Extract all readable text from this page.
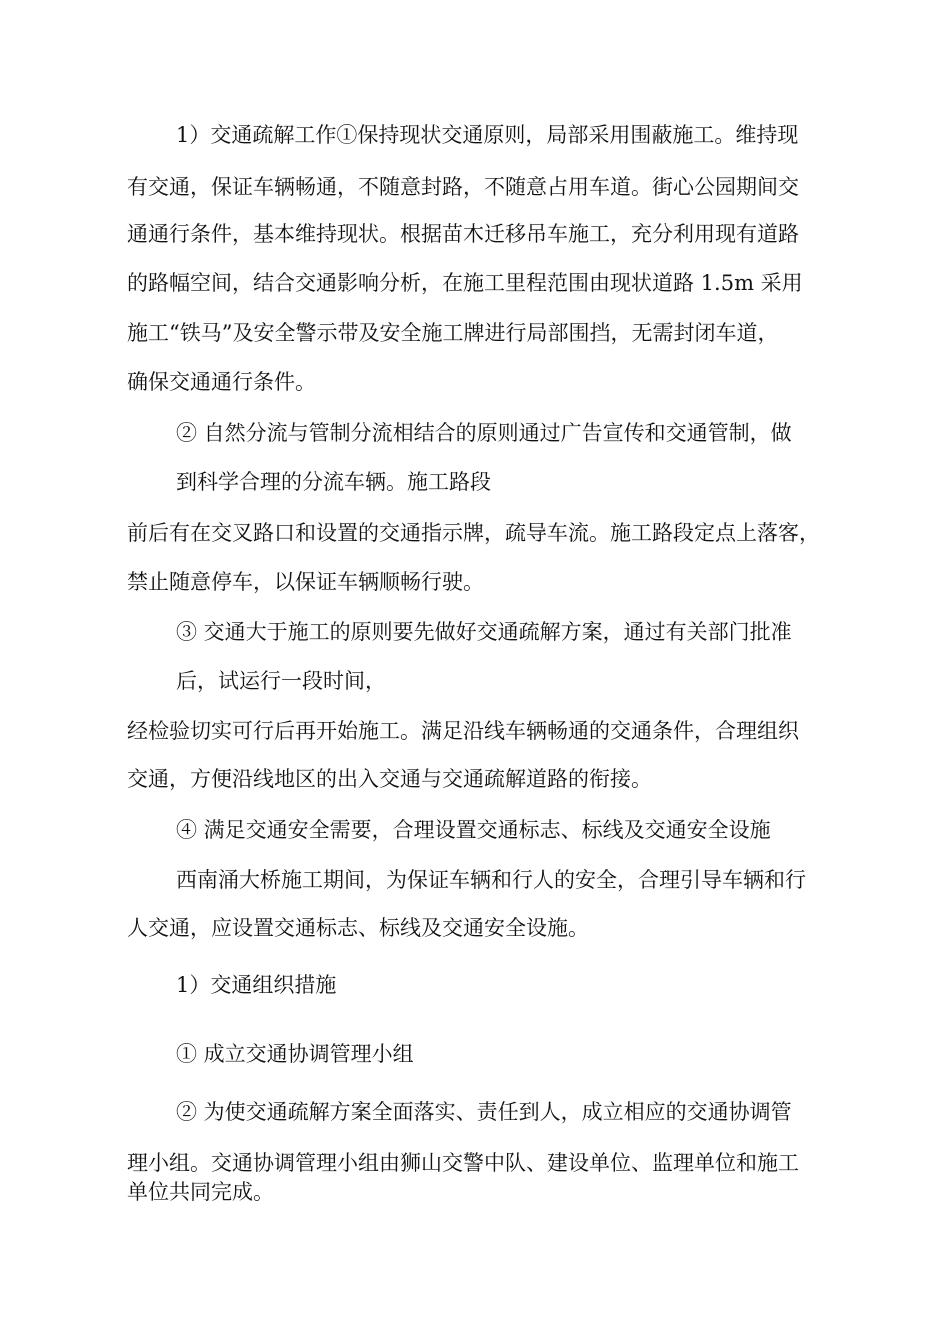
1）交通疏解工作①保持现状交通原则，局部采用围蔽施工。维持现
有交通，保证车辆畅通，不随意封路，不随意占用车道。街心公园期间交
通通行条件，基本维持现状。根据苗木迁移吊车施工，充分利用现有道路
的路幅空间，结合交通影响分析，在施工里程范围由现状道路 1.5m 采用
施工“铁马”及安全警示带及安全施工牌进行局部围挡，无需封闭车道，
确保交通通行条件。
② 自然分流与管制分流相结合的原则通过广告宣传和交通管制，做
到科学合理的分流车辆。施工路段
前后有在交叉路口和设置的交通指示牌，疏导车流。施工路段定点上落客，
禁止随意停车，以保证车辆顺畅行驶。
③ 交通大于施工的原则要先做好交通疏解方案，通过有关部门批准
后，试运行一段时间，
经检验切实可行后再开始施工。满足沿线车辆畅通的交通条件，合理组织
交通，方便沿线地区的出入交通与交通疏解道路的衔接。
④ 满足交通安全需要，合理设置交通标志、标线及交通安全设施
西南涌大桥施工期间，为保证车辆和行人的安全，合理引导车辆和行
人交通，应设置交通标志、标线及交通安全设施。
1）交通组织措施
① 成立交通协调管理小组
② 为使交通疏解方案全面落实、责任到人，成立相应的交通协调管
理小组。交通协调管理小组由狮山交警中队、建设单位、监理单位和施工
单位共同完成。
